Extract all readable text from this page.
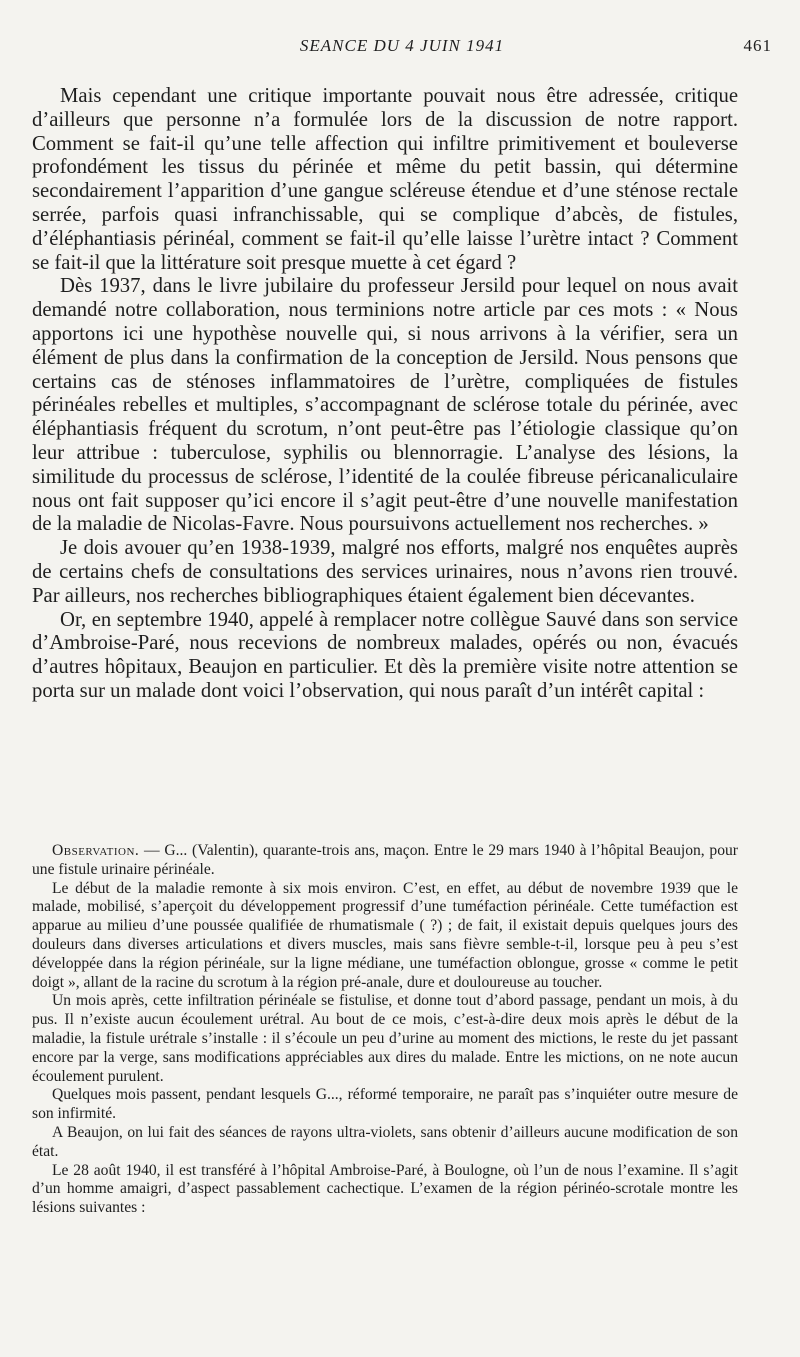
SEANCE DU 4 JUIN 1941	461

Mais cependant une critique importante pouvait nous être adressée, critique d’ailleurs que personne n’a formulée lors de la discussion de notre rapport. Comment se fait-il qu’une telle affection qui infiltre primitivement et bouleverse profondément les tissus du périnée et même du petit bassin, qui détermine secondairement l’apparition d’une gangue scléreuse étendue et d’une sténose rectale serrée, parfois quasi infranchissable, qui se complique d’abcès, de fistules, d’éléphantiasis périnéal, comment se fait-il qu’elle laisse l’urètre intact ? Comment se fait-il que la littérature soit presque muette à cet égard ?

Dès 1937, dans le livre jubilaire du professeur Jersild pour lequel on nous avait demandé notre collaboration, nous terminions notre article par ces mots : « Nous apportons ici une hypothèse nouvelle qui, si nous arrivons à la vérifier, sera un élément de plus dans la confirmation de la conception de Jersild. Nous pensons que certains cas de sténoses inflammatoires de l’urètre, compliquées de fistules périnéales rebelles et multiples, s’accompagnant de sclérose totale du périnée, avec éléphantiasis fréquent du scrotum, n’ont peut-être pas l’étiologie classique qu’on leur attribue : tuberculose, syphilis ou blennorragie. L’analyse des lésions, la similitude du processus de sclérose, l’identité de la coulée fibreuse péricanaliculaire nous ont fait supposer qu’ici encore il s’agit peut-être d’une nouvelle manifestation de la maladie de Nicolas-Favre. Nous poursuivons actuellement nos recherches. »

Je dois avouer qu’en 1938-1939, malgré nos efforts, malgré nos enquêtes auprès de certains chefs de consultations des services urinaires, nous n’avons rien trouvé. Par ailleurs, nos recherches bibliographiques étaient également bien décevantes.

Or, en septembre 1940, appelé à remplacer notre collègue Sauvé dans son service d’Ambroise-Paré, nous recevions de nombreux malades, opérés ou non, évacués d’autres hôpitaux, Beaujon en particulier. Et dès la première visite notre attention se porta sur un malade dont voici l’observation, qui nous paraît d’un intérêt capital :

Observation. — G... (Valentin), quarante-trois ans, maçon. Entre le 29 mars 1940 à l’hôpital Beaujon, pour une fistule urinaire périnéale.

Le début de la maladie remonte à six mois environ. C’est, en effet, au début de novembre 1939 que le malade, mobilisé, s’aperçoit du développement progressif d’une tuméfaction périnéale. Cette tuméfaction est apparue au milieu d’une poussée qualifiée de rhumatismale ( ?) ; de fait, il existait depuis quelques jours des douleurs dans diverses articulations et divers muscles, mais sans fièvre semble-t-il, lorsque peu à peu s’est développée dans la région périnéale, sur la ligne médiane, une tuméfaction oblongue, grosse « comme le petit doigt », allant de la racine du scrotum à la région pré-anale, dure et douloureuse au toucher.

Un mois après, cette infiltration périnéale se fistulise, et donne tout d’abord passage, pendant un mois, à du pus. Il n’existe aucun écoulement urétral. Au bout de ce mois, c’est-à-dire deux mois après le début de la maladie, la fistule urétrale s’installe : il s’écoule un peu d’urine au moment des mictions, le reste du jet passant encore par la verge, sans modifications appréciables aux dires du malade. Entre les mictions, on ne note aucun écoulement purulent.

Quelques mois passent, pendant lesquels G..., réformé temporaire, ne paraît pas s’inquiéter outre mesure de son infirmité.

A Beaujon, on lui fait des séances de rayons ultra-violets, sans obtenir d’ailleurs aucune modification de son état.

Le 28 août 1940, il est transféré à l’hôpital Ambroise-Paré, à Boulogne, où l’un de nous l’examine. Il s’agit d’un homme amaigri, d’aspect passablement cachectique. L’examen de la région périnéo-scrotale montre les lésions suivantes :
